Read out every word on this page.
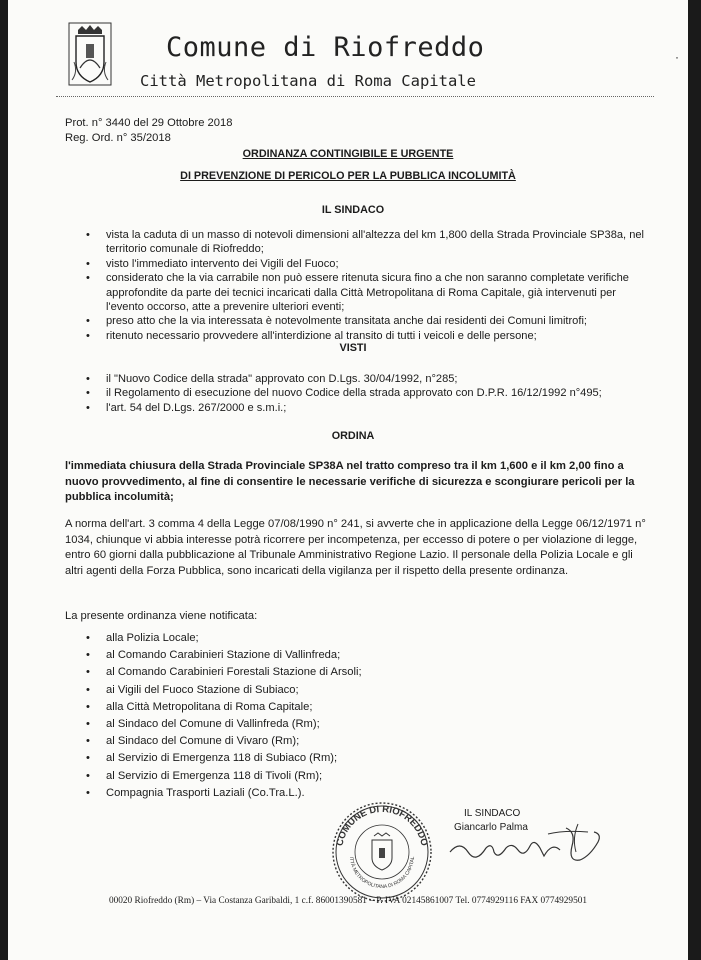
Comune di Riofreddo
Città Metropolitana di Roma Capitale
·
Prot. n° 3440 del 29 Ottobre 2018
Reg. Ord. n° 35/2018
ORDINANZA CONTINGIBILE E URGENTE
DI PREVENZIONE DI PERICOLO PER LA PUBBLICA INCOLUMITÀ
IL SINDACO
• vista la caduta di un masso di notevoli dimensioni all'altezza del km 1,800 della Strada Provinciale SP38a, nel territorio comunale di Riofreddo;
• visto l'immediato intervento dei Vigili del Fuoco;
• considerato che la via carrabile non può essere ritenuta sicura fino a che non saranno completate verifiche approfondite da parte dei tecnici incaricati dalla Città Metropolitana di Roma Capitale, già intervenuti per l'evento occorso, atte a prevenire ulteriori eventi;
• preso atto che la via interessata è notevolmente transitata anche dai residenti dei Comuni limitrofi;
• ritenuto necessario provvedere all'interdizione al transito di tutti i veicoli e delle persone;
VISTI
• il "Nuovo Codice della strada" approvato con D.Lgs. 30/04/1992, n°285;
• il Regolamento di esecuzione del nuovo Codice della strada approvato con D.P.R. 16/12/1992 n°495;
• l'art. 54 del D.Lgs. 267/2000 e s.m.i.;
ORDINA
l'immediata chiusura della Strada Provinciale SP38A nel tratto compreso tra il km 1,600 e il km 2,00 fino a nuovo provvedimento, al fine di consentire le necessarie verifiche di sicurezza e scongiurare pericoli per la pubblica incolumità;
A norma dell'art. 3 comma 4 della Legge 07/08/1990 n° 241, si avverte che in applicazione della Legge 06/12/1971 n° 1034, chiunque vi abbia interesse potrà ricorrere per incompetenza, per eccesso di potere o per violazione di legge, entro 60 giorni dalla pubblicazione al Tribunale Amministrativo Regione Lazio. Il personale della Polizia Locale e gli altri agenti della Forza Pubblica, sono incaricati della vigilanza per il rispetto della presente ordinanza.
La presente ordinanza viene notificata:
• alla Polizia Locale;
• al Comando Carabinieri Stazione di Vallinfreda;
• al Comando Carabinieri Forestali Stazione di Arsoli;
• ai Vigili del Fuoco Stazione di Subiaco;
• alla Città Metropolitana di Roma Capitale;
• al Sindaco del Comune di Vallinfreda (Rm);
• al Sindaco del Comune di Vivaro (Rm);
• al Servizio di Emergenza 118 di Subiaco (Rm);
• al Servizio di Emergenza 118 di Tivoli (Rm);
• Compagnia Trasporti Laziali (Co.Tra.L.).
COMUNE DI RIOFREDDO
ITTÀ METROPOLITANA DI ROMA CAPITAL
IL SINDACO
Giancarlo Palma
00020 Riofreddo (Rm) – Via Costanza Garibaldi, 1 c.f. 86001390581 – P. IVA 02145861007 Tel. 0774929116 FAX 0774929501
